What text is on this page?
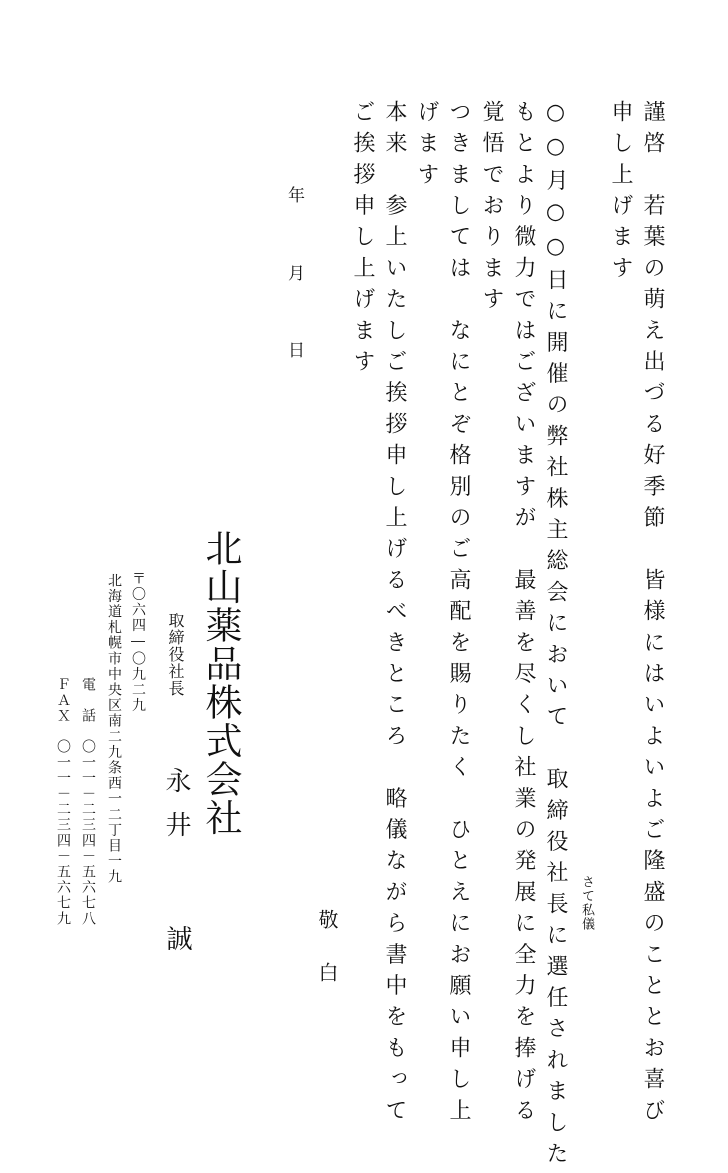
謹啓　若葉の萌え出づる好季節　皆様にはいよいよご隆盛のこととお喜び
申し上げます
○○月○○日に開催の弊社株主総会において　取締役社長に選任されました
もとより微力ではございますが　最善を尽くし社業の発展に全力を捧げる
覚悟でおります
つきましては　なにとぞ格別のご高配を賜りたく　ひとえにお願い申し上
げます
本来　参上いたしご挨拶申し上げるべきところ　略儀ながら書中をもって
ご挨拶申し上げます
さて私儀
敬
白
年
月
日
北山薬品株式会社
取締役社長
永井
誠
〒〇六四―〇九二九
北海道札幌市中央区南二九条西一二丁目一九
電　話　〇一一－二三四－五六七八
ＦＡＸ　〇一一－二三四－五六七九
